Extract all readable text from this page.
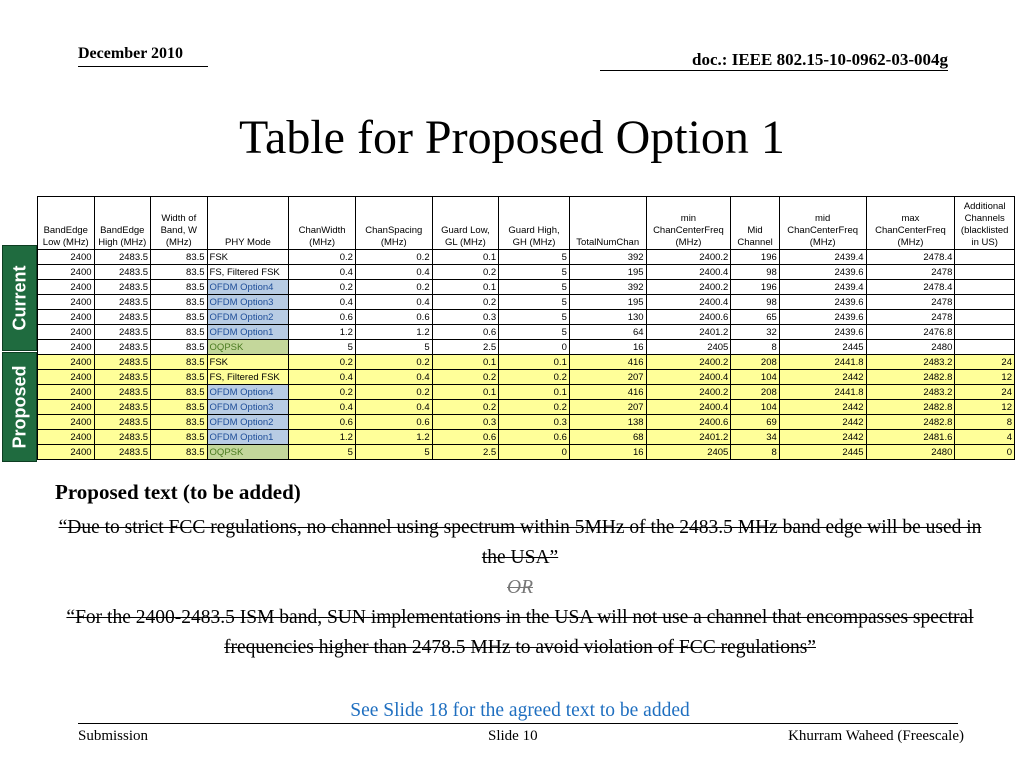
December 2010	doc.: IEEE 802.15-10-0962-03-004g
Table for Proposed Option 1
Current
Proposed
BandEdge Low (MHz)	BandEdge High (MHz)	Width of Band, W (MHz)	PHY Mode	ChanWidth (MHz)	ChanSpacing (MHz)	Guard Low, GL (MHz)	Guard High, GH (MHz)	TotalNumChan	min ChanCenterFreq (MHz)	Mid Channel	mid ChanCenterFreq (MHz)	max ChanCenterFreq (MHz)	Additional Channels (blacklisted in US)
2400	2483.5	83.5	FSK	0.2	0.2	0.1	5	392	2400.2	196	2439.4	2478.4	
2400	2483.5	83.5	FS, Filtered FSK	0.4	0.4	0.2	5	195	2400.4	98	2439.6	2478	
2400	2483.5	83.5	OFDM Option4	0.2	0.2	0.1	5	392	2400.2	196	2439.4	2478.4	
2400	2483.5	83.5	OFDM Option3	0.4	0.4	0.2	5	195	2400.4	98	2439.6	2478	
2400	2483.5	83.5	OFDM Option2	0.6	0.6	0.3	5	130	2400.6	65	2439.6	2478	
2400	2483.5	83.5	OFDM Option1	1.2	1.2	0.6	5	64	2401.2	32	2439.6	2476.8	
2400	2483.5	83.5	OQPSK	5	5	2.5	0	16	2405	8	2445	2480	
2400	2483.5	83.5	FSK	0.2	0.2	0.1	0.1	416	2400.2	208	2441.8	2483.2	24
2400	2483.5	83.5	FS, Filtered FSK	0.4	0.4	0.2	0.2	207	2400.4	104	2442	2482.8	12
2400	2483.5	83.5	OFDM Option4	0.2	0.2	0.1	0.1	416	2400.2	208	2441.8	2483.2	24
2400	2483.5	83.5	OFDM Option3	0.4	0.4	0.2	0.2	207	2400.4	104	2442	2482.8	12
2400	2483.5	83.5	OFDM Option2	0.6	0.6	0.3	0.3	138	2400.6	69	2442	2482.8	8
2400	2483.5	83.5	OFDM Option1	1.2	1.2	0.6	0.6	68	2401.2	34	2442	2481.6	4
2400	2483.5	83.5	OQPSK	5	5	2.5	0	16	2405	8	2445	2480	0
Proposed text (to be added)
“Due to strict FCC regulations, no channel using spectrum within 5MHz of the 2483.5 MHz band edge will be used in the USA”
OR
“For the 2400-2483.5 ISM band, SUN implementations in the USA will not use a channel that encompasses spectral frequencies higher than 2478.5 MHz to avoid violation of FCC regulations”
See Slide 18 for the agreed text to be added
Submission	Slide 10	Khurram Waheed (Freescale)
